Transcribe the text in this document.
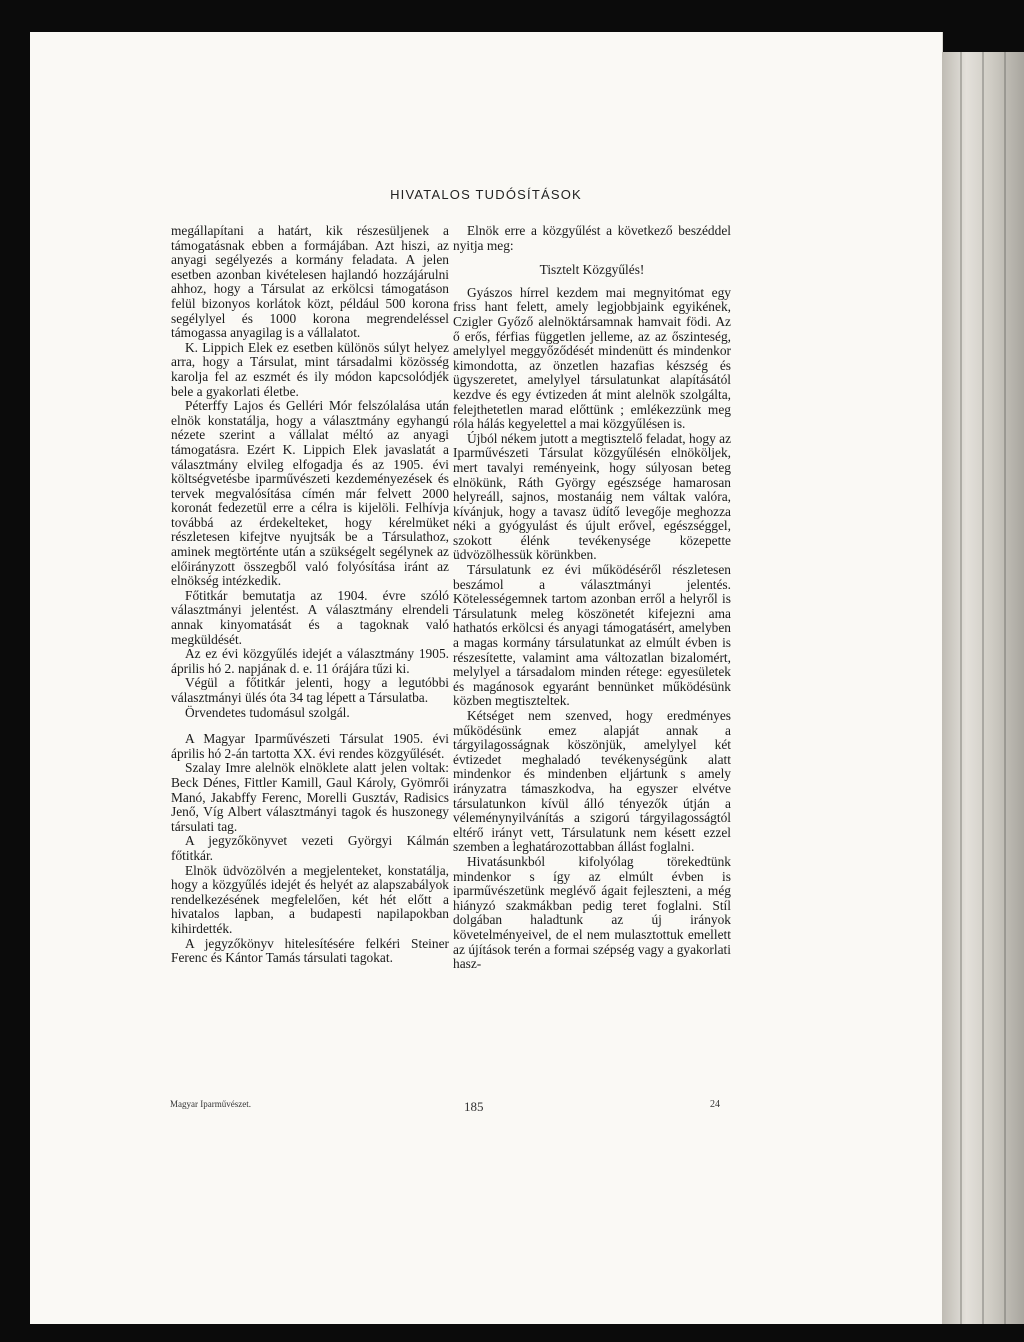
HIVATALOS TUDÓSÍTÁSOK

megállapítani a határt, kik részesüljenek a támogatásnak ebben a formájában. Azt hiszi, az anyagi segélyezés a kormány feladata. A jelen esetben azonban kivételesen hajlandó hozzájárulni ahhoz, hogy a Társulat az erkölcsi támogatáson felül bizonyos korlátok közt, például 500 korona segélylyel és 1000 korona megrendeléssel támogassa anyagilag is a vállalatot.

K. Lippich Elek ez esetben különös súlyt helyez arra, hogy a Társulat, mint társadalmi közösség karolja fel az eszmét és ily módon kapcsolódjék bele a gyakorlati életbe.

Péterffy Lajos és Gelléri Mór felszólalása után elnök konstatálja, hogy a választmány egyhangú nézete szerint a vállalat méltó az anyagi támogatásra. Ezért K. Lippich Elek javaslatát a választmány elvileg elfogadja és az 1905. évi költségvetésbe iparművészeti kezdeményezések és tervek megvalósítása címén már felvett 2000 koronát fedezetül erre a célra is kijelöli. Felhívja továbbá az érdekelteket, hogy kérelmüket részletesen kifejtve nyujtsák be a Társulathoz, aminek megtörténte után a szükségelt segélynek az előirányzott összegből való folyósítása iránt az elnökség intézkedik.

Főtitkár bemutatja az 1904. évre szóló választmányi jelentést. A választmány elrendeli annak kinyomatását és a tagoknak való megküldését.

Az ez évi közgyűlés idejét a választmány 1905. április hó 2. napjának d. e. 11 órájára tűzi ki.

Végül a főtitkár jelenti, hogy a legutóbbi választmányi ülés óta 34 tag lépett a Társulatba.

Örvendetes tudomásul szolgál.

A Magyar Iparművészeti Társulat 1905. évi április hó 2-án tartotta XX. évi rendes közgyűlését.

Szalay Imre alelnök elnöklete alatt jelen voltak: Beck Dénes, Fittler Kamill, Gaul Károly, Gyömrői Manó, Jakabffy Ferenc, Morelli Gusztáv, Radisics Jenő, Víg Albert választmányi tagok és huszonegy társulati tag.

A jegyzőkönyvet vezeti Györgyi Kálmán főtitkár.

Elnök üdvözölvén a megjelenteket, konstatálja, hogy a közgyűlés idejét és helyét az alapszabályok rendelkezésének megfelelően, két hét előtt a hivatalos lapban, a budapesti napilapokban kihirdették.

A jegyzőkönyv hitelesítésére felkéri Steiner Ferenc és Kántor Tamás társulati tagokat.

Elnök erre a közgyűlést a következő beszéddel nyitja meg:

Tisztelt Közgyűlés!

Gyászos hírrel kezdem mai megnyitómat egy friss hant felett, amely legjobbjaink egyikének, Czigler Győző alelnöktársamnak hamvait födi. Az ő erős, férfias független jelleme, az az őszinteség, amelylyel meggyőződését mindenütt és mindenkor kimondotta, az önzetlen hazafias készség és ügyszeretet, amelylyel társulatunkat alapításától kezdve és egy évtizeden át mint alelnök szolgálta, felejthetetlen marad előttünk ; emlékezzünk meg róla hálás kegyelettel a mai közgyűlésen is.

Újból nékem jutott a megtisztelő feladat, hogy az Iparművészeti Társulat közgyűlésén elnököljek, mert tavalyi reményeink, hogy súlyosan beteg elnökünk, Ráth György egészsége hamarosan helyreáll, sajnos, mostanáig nem váltak valóra, kívánjuk, hogy a tavasz üdítő levegője meghozza néki a gyógyulást és újult erővel, egészséggel, szokott élénk tevékenysége közepette üdvözölhessük körünkben.

Társulatunk ez évi működéséről részletesen beszámol a választmányi jelentés. Kötelességemnek tartom azonban erről a helyről is Társulatunk meleg köszönetét kifejezni ama hathatós erkölcsi és anyagi támogatásért, amelyben a magas kormány társulatunkat az elmúlt évben is részesítette, valamint ama változatlan bizalomért, melylyel a társadalom minden rétege: egyesületek és magánosok egyaránt bennünket működésünk közben megtiszteltek.

Kétséget nem szenved, hogy eredményes működésünk emez alapját annak a tárgyilagosságnak köszönjük, amelylyel két évtizedet meghaladó tevékenységünk alatt mindenkor és mindenben eljártunk s amely irányzatra támaszkodva, ha egyszer elvétve társulatunkon kívül álló tényezők útján a véleménynyilvánítás a szigorú tárgyilagosságtól eltérő irányt vett, Társulatunk nem késett ezzel szemben a leghatározottabban állást foglalni.

Hivatásunkból kifolyólag törekedtünk mindenkor s így az elmúlt évben is iparművészetünk meglévő ágait fejleszteni, a még hiányzó szakmákban pedig teret foglalni. Stíl dolgában haladtunk az új irányok követelményeivel, de el nem mulasztottuk emellett az újítások terén a formai szépség vagy a gyakorlati hasz-

Magyar Iparművészet.	185	24
